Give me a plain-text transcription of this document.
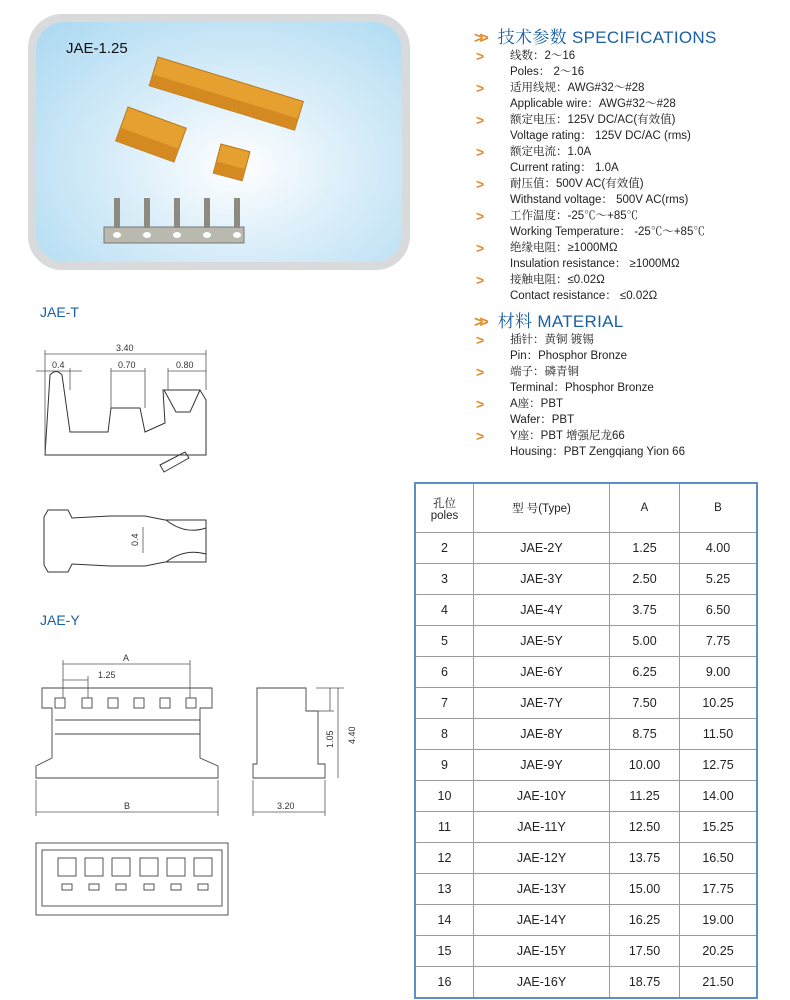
JAE-1.25
>> 技术参数 SPECIFICATIONS
> 线数：2～16
Poles： 2～16
> 适用线规：AWG#32～#28
Applicable wire：AWG#32～#28
> 额定电压：125V DC/AC(有效值)
Voltage rating： 125V DC/AC (rms)
> 额定电流：1.0A
Current rating： 1.0A
> 耐压值：500V AC(有效值)
Withstand voltage： 500V AC(rms)
> 工作温度：-25℃～+85℃
Working Temperature： -25℃～+85℃
> 绝缘电阻：≥1000MΩ
Insulation resistance： ≥1000MΩ
> 接触电阻：≤0.02Ω
Contact resistance： ≤0.02Ω
>> 材料 MATERIAL
> 插针：黄铜 镀锡
Pin：Phosphor Bronze
> 端子：磷青铜
Terminal：Phosphor Bronze
> A座：PBT
Wafer：PBT
> Y座：PBT 增强尼龙66
Housing：PBT Zengqiang Yion 66
JAE-T
JAE-Y
3.40
0.4	0.70	0.80
0.4
A
1.25
B	3.20
1.05 4.40
孔位
poles	型 号(Type)	A	B
2	JAE-2Y	1.25	4.00
3	JAE-3Y	2.50	5.25
4	JAE-4Y	3.75	6.50
5	JAE-5Y	5.00	7.75
6	JAE-6Y	6.25	9.00
7	JAE-7Y	7.50	10.25
8	JAE-8Y	8.75	11.50
9	JAE-9Y	10.00	12.75
10	JAE-10Y	11.25	14.00
11	JAE-11Y	12.50	15.25
12	JAE-12Y	13.75	16.50
13	JAE-13Y	15.00	17.75
14	JAE-14Y	16.25	19.00
15	JAE-15Y	17.50	20.25
16	JAE-16Y	18.75	21.50
